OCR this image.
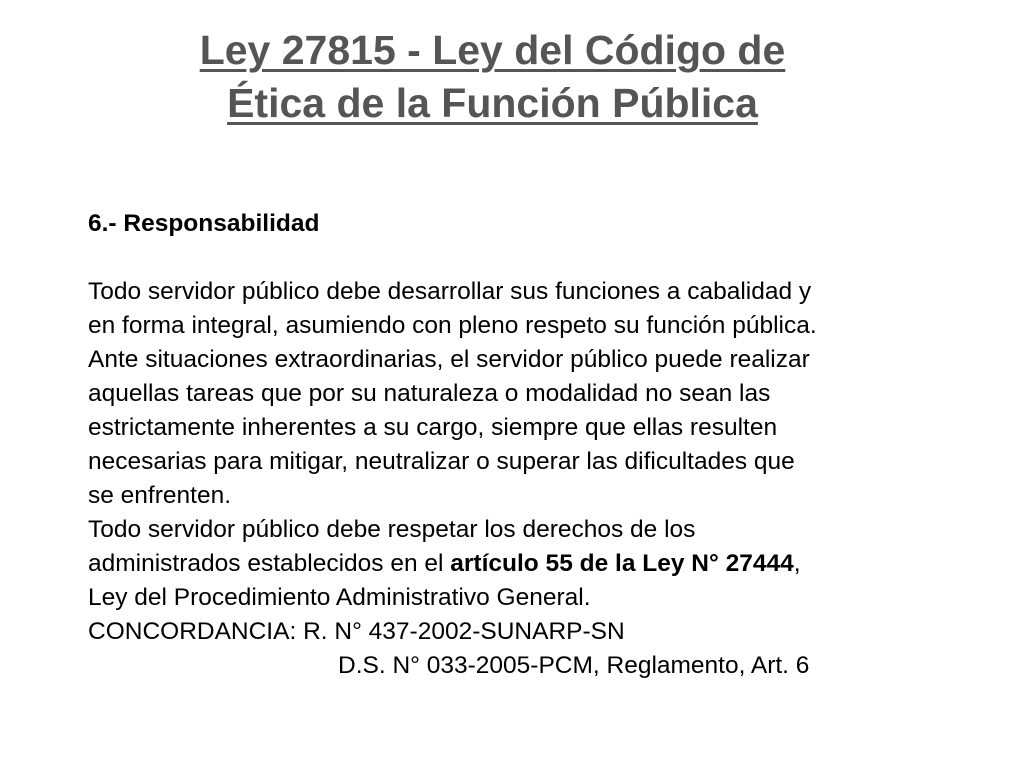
Ley 27815 - Ley del Código de
Ética de la Función Pública

6.- Responsabilidad

Todo servidor público debe desarrollar sus funciones a cabalidad y

en forma integral, asumiendo con pleno respeto su función pública.

Ante situaciones extraordinarias, el servidor público puede realizar

aquellas tareas que por su naturaleza o modalidad no sean las

estrictamente inherentes a su cargo, siempre que ellas resulten

necesarias para mitigar, neutralizar o superar las dificultades que

se enfrenten.

Todo servidor público debe respetar los derechos de los

administrados establecidos en el artículo 55 de la Ley N° 27444,

Ley del Procedimiento Administrativo General.

CONCORDANCIA: R. N° 437-2002-SUNARP-SN

D.S. N° 033-2005-PCM, Reglamento, Art. 6
